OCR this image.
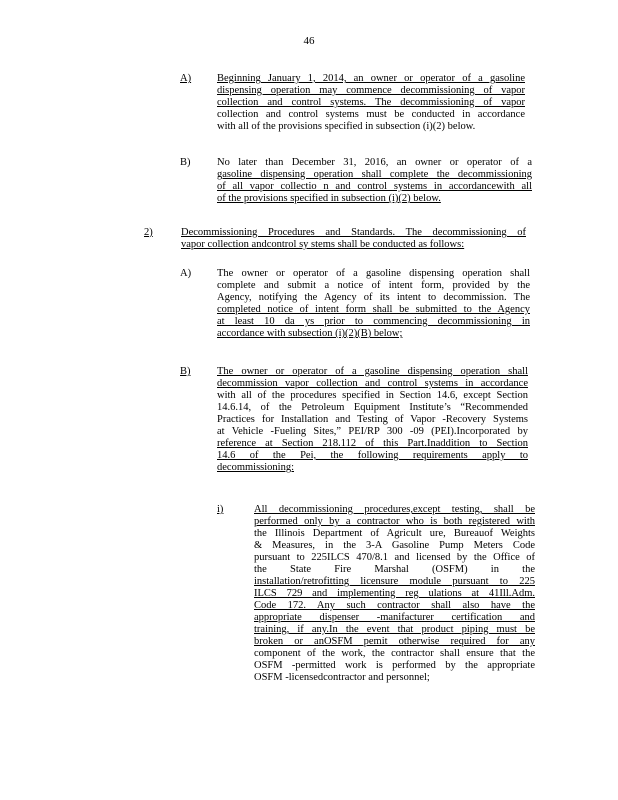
46
A) Beginning January 1, 2014, an owner or operator of a gasoline
dispensing operation may commence decommissioning of vapor
collection and control systems. The decommissioning of vapor
collection and control systems must be conducted in accordance
with all of the provisions specified in subsection (i)(2) below.
B)	No later than December 31, 2016, an owner or operator of a
gasoline dispensing operation shall complete the decommissioning
of all vapor collectio n and control systems in accordancewith all
of the provisions specified in subsection (i)(2) below.
2)	Decommissioning Procedures and Standards. The decommissioning of
vapor collection andcontrol sy stems shall be conducted as follows:
A) The owner or operator of a gasoline dispensing operation shall
complete and submit a notice of intent form, provided by the
Agency, notifying the Agency of its intent to decommission. The
completed notice of intent form shall be submitted to the Agency
at least 10 da ys prior to commencing decommissioning in
accordance with subsection (i)(2)(B) below;
B)	The owner or operator of a gasoline dispensing operation shall
decommission vapor collection and control systems in accordance
with all of the procedures specified in Section 14.6, except Section
14.6.14, of the Petroleum Equipment Institute’s “Recommended
Practices for Installation and Testing of Vapor -Recovery Systems
at Vehicle -Fueling Sites,” PEI/RP 300 -09 (PEI).Incorporated by
reference at Section 218.112 of this Part.Inaddition to Section
14.6 of the Pei, the following requirements apply to
decommissioning:
i)	All decommissioning procedures,except testing, shall be
performed only by a contractor who is both registered with
the Illinois Department of Agricult ure, Bureauof Weights
& Measures, in the 3-A Gasoline Pump Meters Code
pursuant to 225ILCS 470/8.1 and licensed by the Office of
the State Fire Marshal (OSFM) in the
installation/retrofitting licensure module pursuant to 225
ILCS 729 and implementing reg ulations at 41Ill.Adm.
Code 172. Any such contractor shall also have the
appropriate dispenser -manifacturer certification and
training, if any.In the event that product piping must be
broken or anOSFM pemit otherwise required for any
component of the work, the contractor shall ensure that the
OSFM -permitted work is performed by the appropriate
OSFM -licensedcontractor and personnel;
